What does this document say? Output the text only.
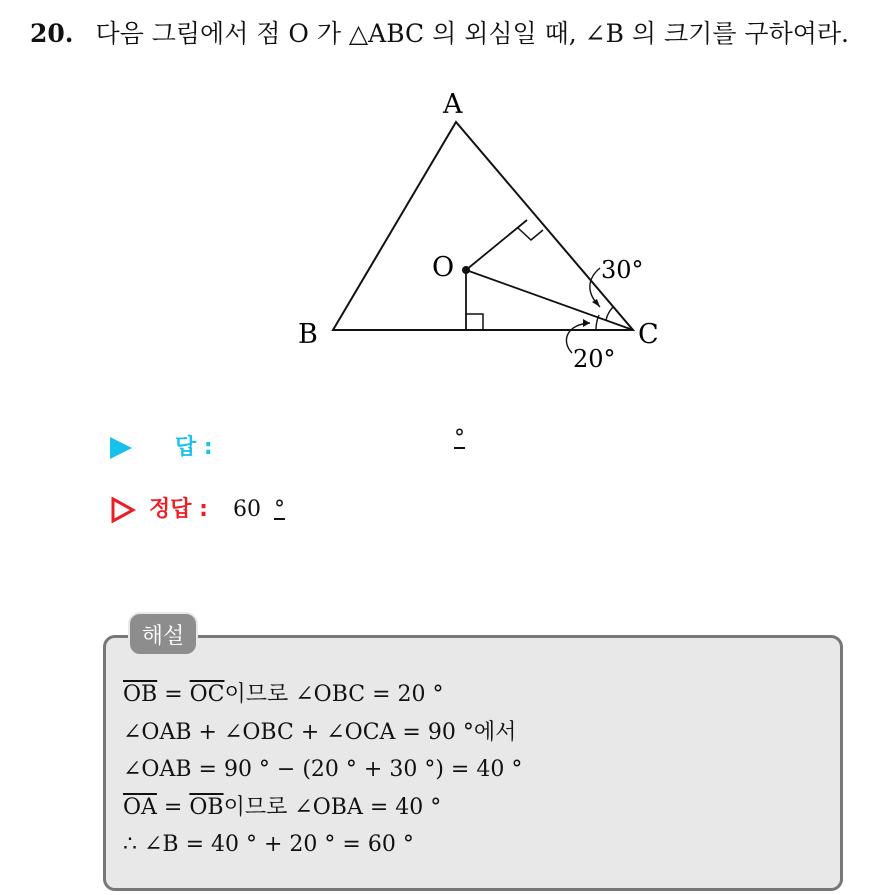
20. 다음 그림에서 점 O 가 △ABC 의 외심일 때, ∠B 의 크기를 구하여라.
A
B	C
O	30°
20°
답 :	°
정답 : 60 °
해설
$\overline{OB} = \overline{OC}$이므로 ∠OBC = 20 °
∠OAB + ∠OBC + ∠OCA = 90 °에서
∠OAB = 90 ° − (20 ° + 30 °) = 40 °
$\overline{OA} = \overline{OB}$이므로 ∠OBA = 40 °
∴ ∠B = 40 ° + 20 ° = 60 °
